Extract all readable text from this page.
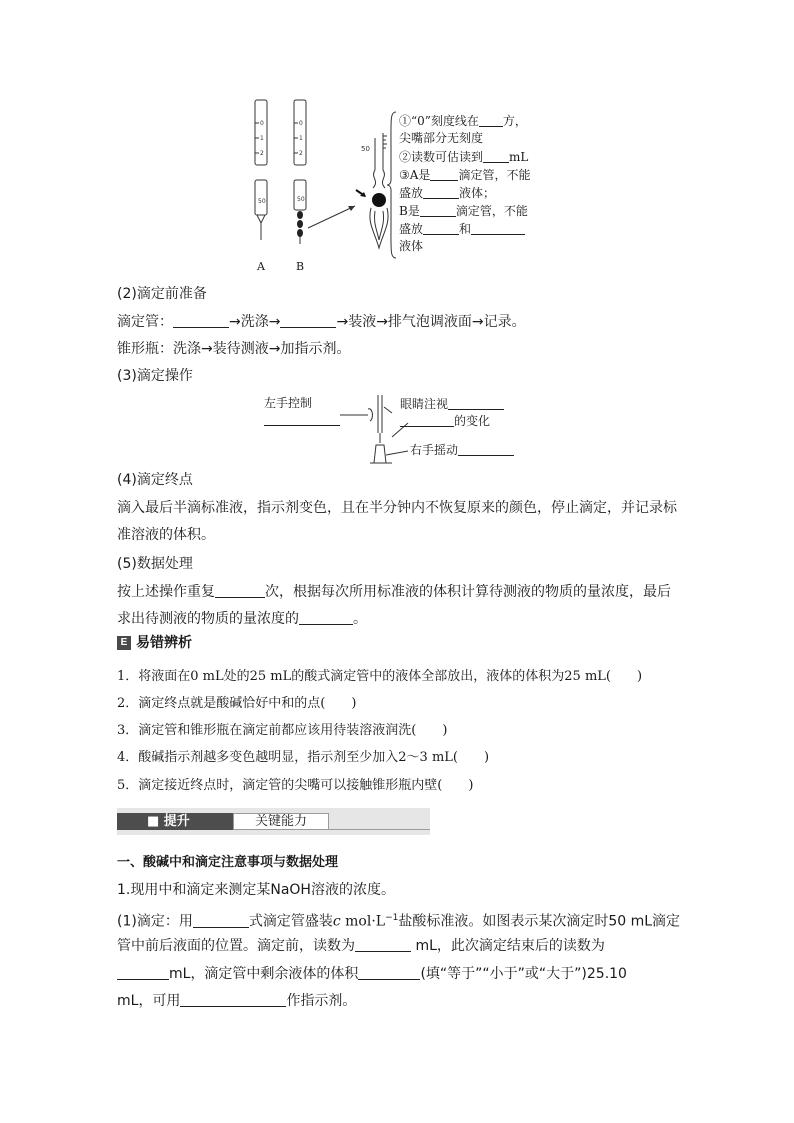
0
1
2
50
A
0
1
2
50
B
50
①“0”刻度线在 方，
尖嘴部分无刻度
②读数可估读到 mL
③A是 滴定管，不能
盛放	液体；
B是	滴定管，不能
盛放	和
液体
(2)滴定前准备
滴定管：	→洗涤→	→装液→排气泡调液面→记录。
锥形瓶：洗涤→装待测液→加指示剂。
(3)滴定操作
左手控制	眼睛注视
的变化
右手摇动
(4)滴定终点
滴入最后半滴标准液，指示剂变色，且在半分钟内不恢复原来的颜色，停止滴定，并记录标
准溶液的体积。
(5)数据处理
按上述操作重复	次，根据每次所用标准液的体积计算待测液的物质的量浓度，最后
求出待测液的物质的量浓度的	。
E 易错辨析
1．将液面在0 mL处的25 mL的酸式滴定管中的液体全部放出，液体的体积为25 mL(　　)
2．滴定终点就是酸碱恰好中和的点(　　)
3．滴定管和锥形瓶在滴定前都应该用待装溶液润洗(　　)
4．酸碱指示剂越多变色越明显，指示剂至少加入2～3 mL(　　)
5．滴定接近终点时，滴定管的尖嘴可以接触锥形瓶内壁(　　)
■ 提升	关键能力
一、酸碱中和滴定注意事项与数据处理
1.现用中和滴定来测定某NaOH溶液的浓度。
(1)滴定：用	式滴定管盛装c $mol\cdot L^{-1}$盐酸标准液。如图表示某次滴定时50 mL滴定
管中前后液面的位置。滴定前，读数为	mL，此次滴定结束后的读数为
mL，滴定管中剩余液体的体积	(填“等于”“小于”或“大于”)25.10
mL，可用	作指示剂。
